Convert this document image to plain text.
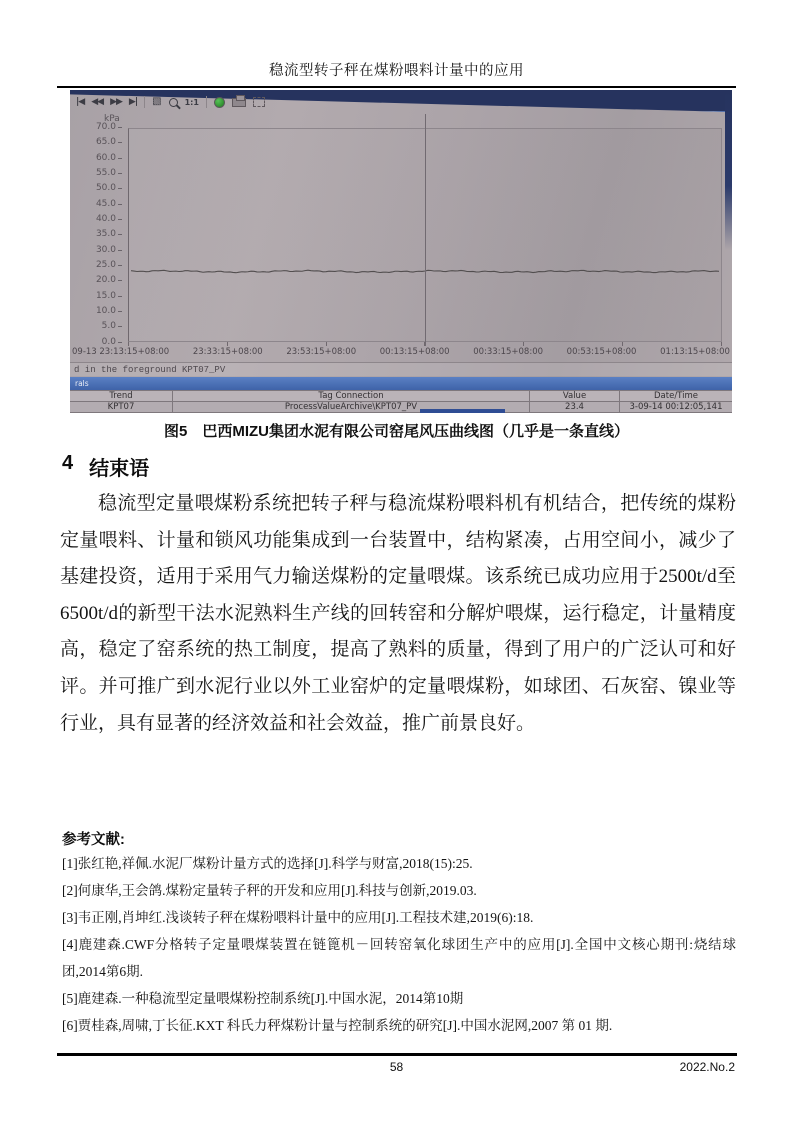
稳流型转子秤在煤粉喂料计量中的应用
|◀ ◀◀ ▶▶ ▶| ▧	1:1
kPa
70.0
65.0
60.0
55.0
50.0
45.0
40.0
35.0
30.0
25.0
20.0
15.0
10.0
5.0
0.0
09-13 23:13:15+08:00	23:33:15+08:00	23:53:15+08:00	00:13:15+08:00	00:33:15+08:00	00:53:15+08:00	01:13:15+08:00
d in the foreground KPT07_PV
rals
Trend	Tag Connection	Value	Date/Time
KPT07	ProcessValueArchive\KPT07_PV	23.4	3-09-14 00:12:05,141
图5　巴西MIZU集团水泥有限公司窑尾风压曲线图（几乎是一条直线）
4 结束语

稳流型定量喂煤粉系统把转子秤与稳流煤粉喂料机有机结合，把传统的煤粉定量喂料、计量和锁风功能集成到一台装置中，结构紧凑，占用空间小，减少了基建投资，适用于采用气力输送煤粉的定量喂煤。该系统已成功应用于2500t/d至6500t/d的新型干法水泥熟料生产线的回转窑和分解炉喂煤，运行稳定，计量精度高，稳定了窑系统的热工制度，提高了熟料的质量，得到了用户的广泛认可和好评。并可推广到水泥行业以外工业窑炉的定量喂煤粉，如球团、石灰窑、镍业等行业，具有显著的经济效益和社会效益，推广前景良好。

参考文献:

[1]张红艳,祥佩.水泥厂煤粉计量方式的选择[J].科学与财富,2018(15):25.

[2]何康华,王会鸽.煤粉定量转子秤的开发和应用[J].科技与创新,2019.03.

[3]韦正刚,肖坤红.浅谈转子秤在煤粉喂料计量中的应用[J].工程技术建,2019(6):18.

[4]鹿建森.CWF分格转子定量喂煤装置在链篦机－回转窑氧化球团生产中的应用[J].全国中文核心期刊:烧结球团,2014第6期.

[5]鹿建森.一种稳流型定量喂煤粉控制系统[J].中国水泥，2014第10期

[6]贾桂森,周啸,丁长征.KXT 科氏力秤煤粉计量与控制系统的研究[J].中国水泥网,2007 第 01 期.

58	2022.No.2
